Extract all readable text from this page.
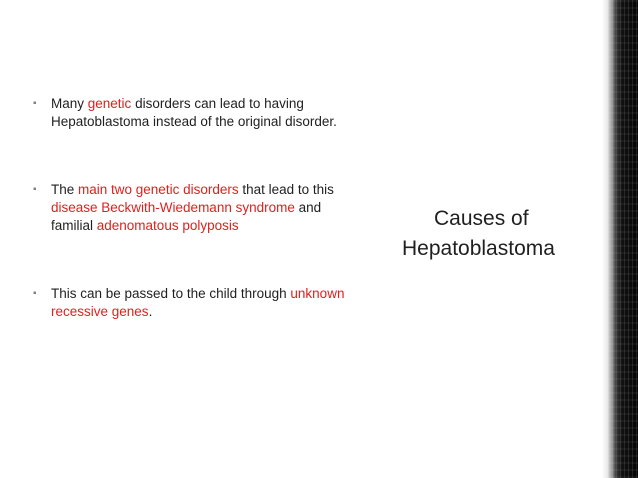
▪ Many genetic disorders can lead to having Hepatoblastoma instead of the original disorder.
▪ The main two genetic disorders that lead to this disease Beckwith-Wiedemann syndrome and familial adenomatous polyposis
▪ This can be passed to the child through unknown recessive genes.
Causes of
Hepatoblastoma
